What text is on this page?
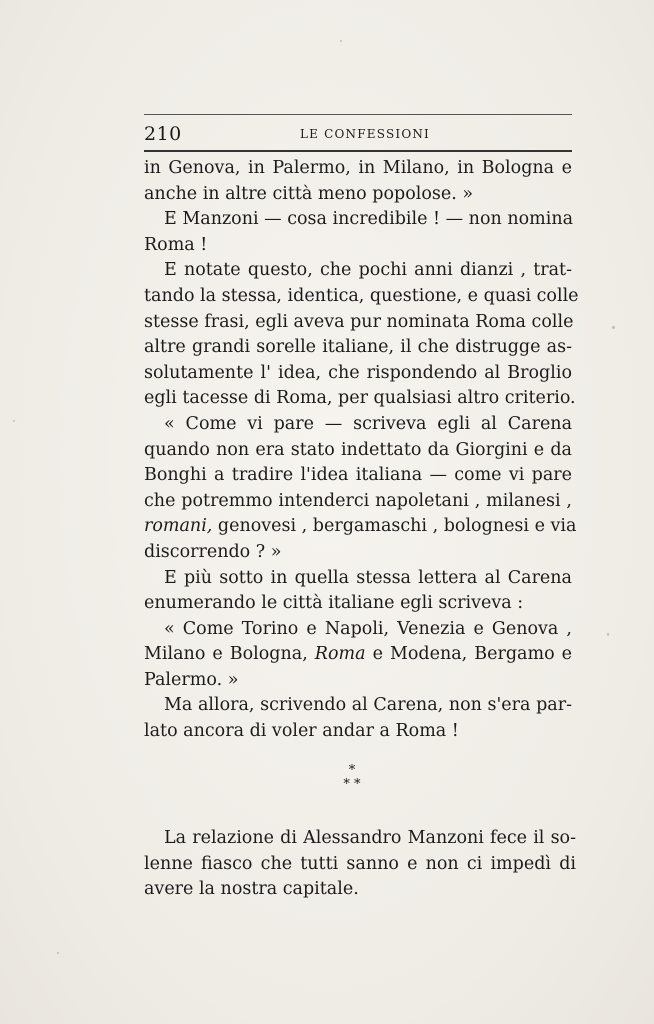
210	LE CONFESSIONI
in Genova, in Palermo, in Milano, in Bologna e
anche in altre città meno popolose. »
E Manzoni — cosa incredibile ! — non nomina
Roma !
E notate questo, che pochi anni dianzi , trat-
tando la stessa, identica, questione, e quasi colle
stesse frasi, egli aveva pur nominata Roma colle
altre grandi sorelle italiane, il che distrugge as-
solutamente l' idea, che rispondendo al Broglio
egli tacesse di Roma, per qualsiasi altro criterio.
« Come vi pare — scriveva egli al Carena
quando non era stato indettato da Giorgini e da
Bonghi a tradire l'idea italiana — come vi pare
che potremmo intenderci napoletani , milanesi ,
romani, genovesi , bergamaschi , bolognesi e via
discorrendo ? »
E più sotto in quella stessa lettera al Carena
enumerando le città italiane egli scriveva :
« Come Torino e Napoli, Venezia e Genova ,
Milano e Bologna, Roma e Modena, Bergamo e
Palermo. »
Ma allora, scrivendo al Carena, non s'era par-
lato ancora di voler andar a Roma !
*
* *
La relazione di Alessandro Manzoni fece il so-
lenne fiasco che tutti sanno e non ci impedì di
avere la nostra capitale.
